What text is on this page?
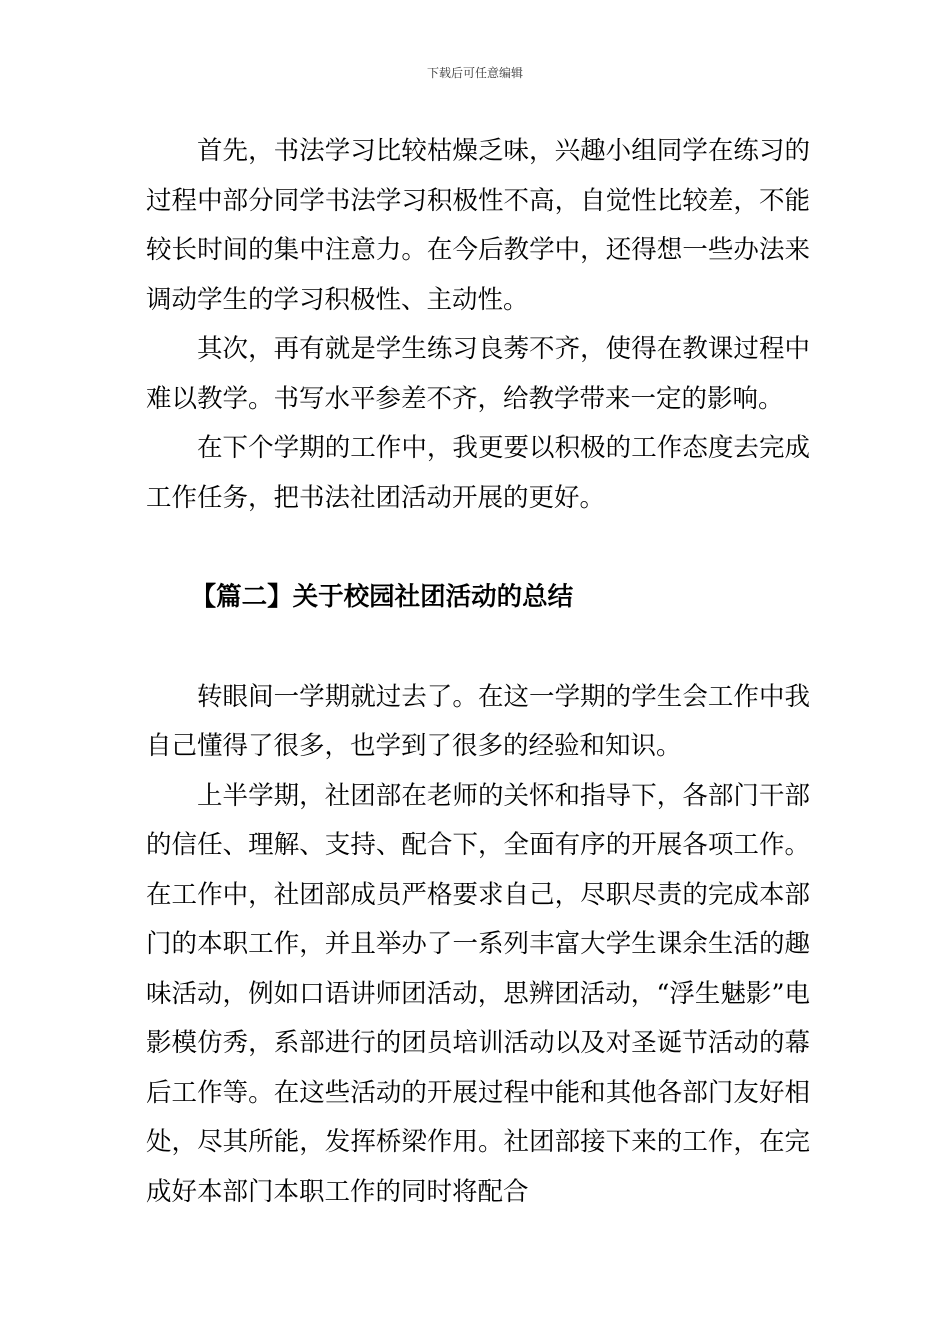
下载后可任意编辑

首先，书法学习比较枯燥乏味，兴趣小组同学在练习的过程中部分同学书法学习积极性不高，自觉性比较差，不能较长时间的集中注意力。在今后教学中，还得想一些办法来调动学生的学习积极性、主动性。

其次，再有就是学生练习良莠不齐，使得在教课过程中难以教学。书写水平参差不齐，给教学带来一定的影响。

在下个学期的工作中，我更要以积极的工作态度去完成工作任务，把书法社团活动开展的更好。

【篇二】关于校园社团活动的总结

转眼间一学期就过去了。在这一学期的学生会工作中我自己懂得了很多，也学到了很多的经验和知识。

上半学期，社团部在老师的关怀和指导下，各部门干部的信任、理解、支持、配合下，全面有序的开展各项工作。在工作中，社团部成员严格要求自己，尽职尽责的完成本部门的本职工作，并且举办了一系列丰富大学生课余生活的趣味活动，例如口语讲师团活动，思辨团活动，“浮生魅影”电影模仿秀，系部进行的团员培训活动以及对圣诞节活动的幕后工作等。在这些活动的开展过程中能和其他各部门友好相处，尽其所能，发挥桥梁作用。社团部接下来的工作，在完成好本部门本职工作的同时将配合
